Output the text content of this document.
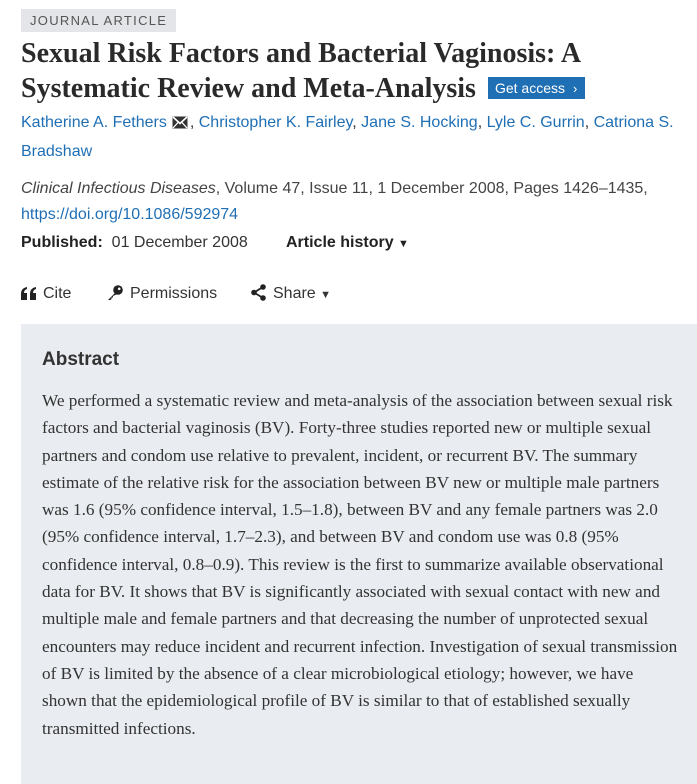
JOURNAL ARTICLE
Sexual Risk Factors and Bacterial Vaginosis: A Systematic Review and Meta-Analysis Get access ›
Katherine A. Fethers , Christopher K. Fairley, Jane S. Hocking, Lyle C. Gurrin, Catriona S. Bradshaw
Clinical Infectious Diseases, Volume 47, Issue 11, 1 December 2008, Pages 1426–1435,
https://doi.org/10.1086/592974
Published: 01 December 2008 Article history ▼
Cite	Permissions	Share ▼
Abstract

We performed a systematic review and meta-analysis of the association between sexual risk factors and bacterial vaginosis (BV). Forty-three studies reported new or multiple sexual partners and condom use relative to prevalent, incident, or recurrent BV. The summary estimate of the relative risk for the association between BV new or multiple male partners was 1.6 (95% confidence interval, 1.5–1.8), between BV and any female partners was 2.0 (95% confidence interval, 1.7–2.3), and between BV and condom use was 0.8 (95% confidence interval, 0.8–0.9). This review is the first to summarize available observational data for BV. It shows that BV is significantly associated with sexual contact with new and multiple male and female partners and that decreasing the number of unprotected sexual encounters may reduce incident and recurrent infection. Investigation of sexual transmission of BV is limited by the absence of a clear microbiological etiology; however, we have shown that the epidemiological profile of BV is similar to that of established sexually transmitted infections.
